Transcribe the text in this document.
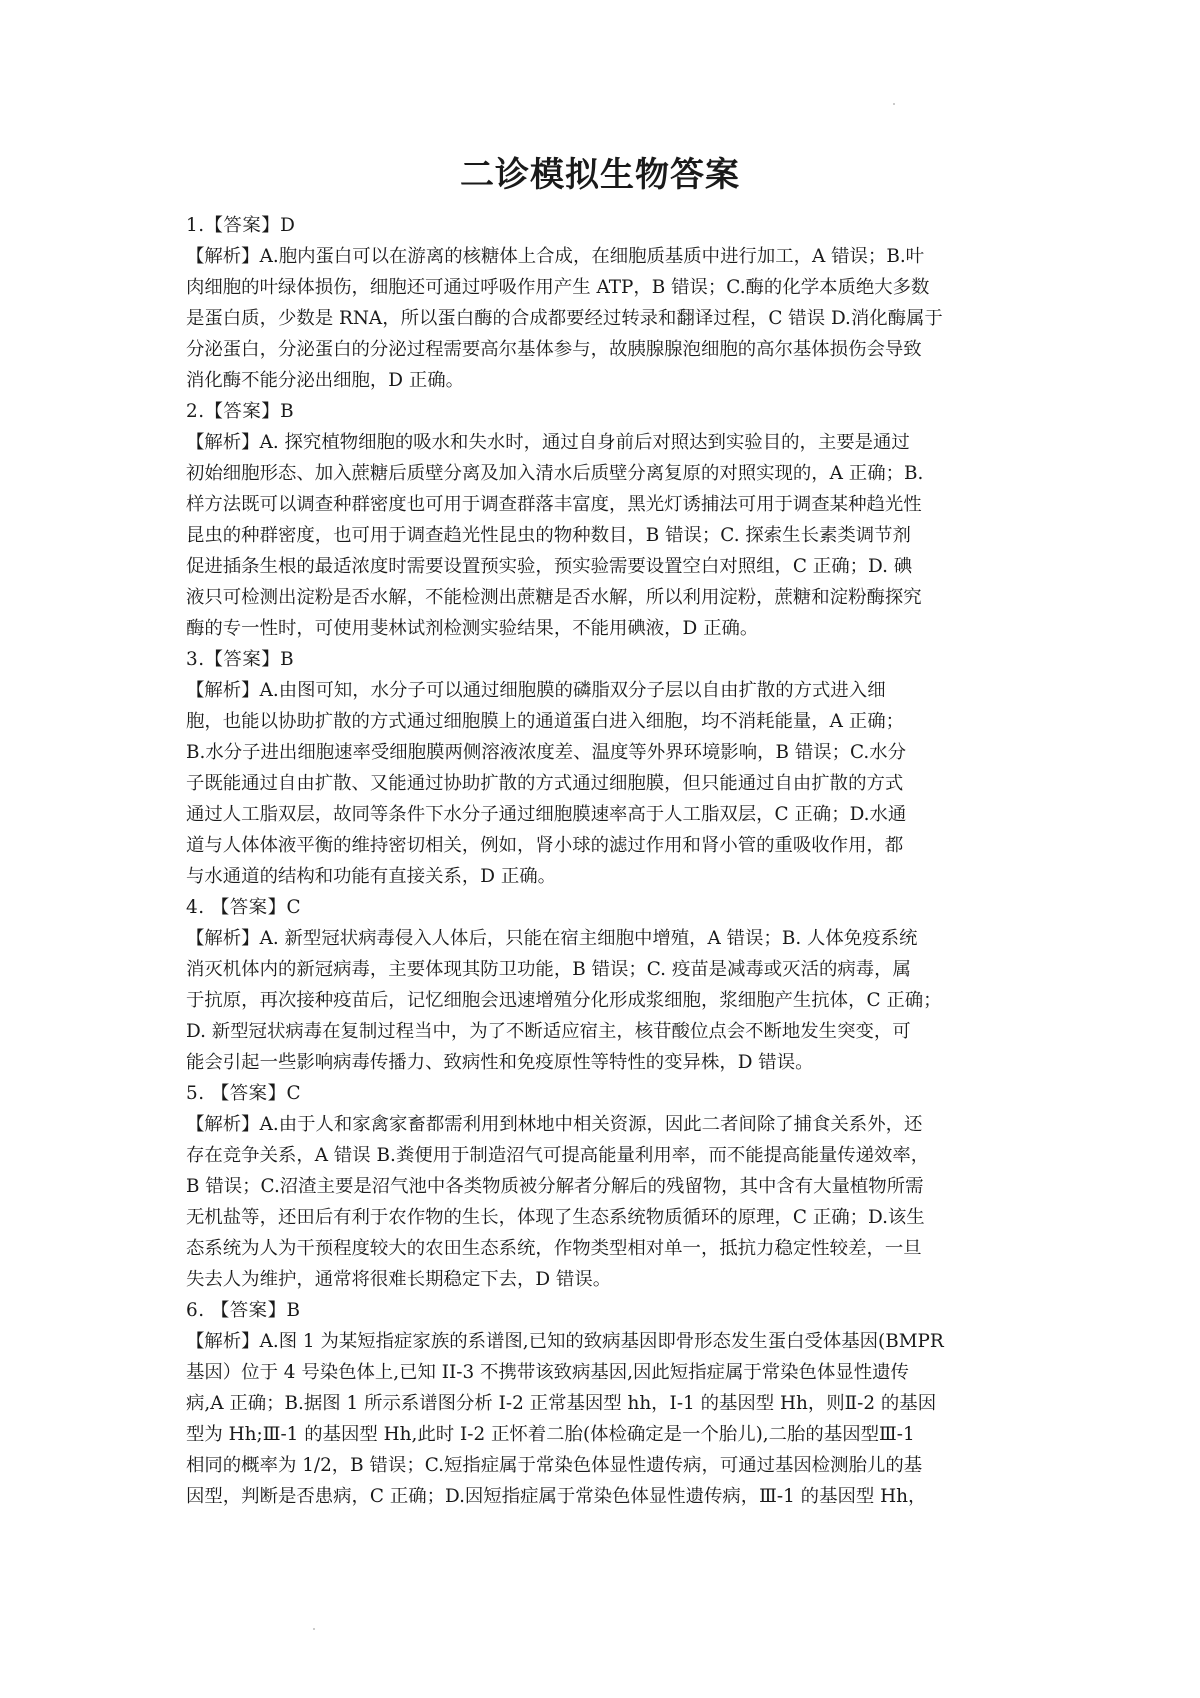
二诊模拟生物答案
1.【答案】D
【解析】A.胞内蛋白可以在游离的核糖体上合成，在细胞质基质中进行加工，A 错误；B.叶
肉细胞的叶绿体损伤，细胞还可通过呼吸作用产生 ATP，B 错误；C.酶的化学本质绝大多数
是蛋白质，少数是 RNA，所以蛋白酶的合成都要经过转录和翻译过程，C 错误 D.消化酶属于
分泌蛋白，分泌蛋白的分泌过程需要高尔基体参与，故胰腺腺泡细胞的高尔基体损伤会导致
消化酶不能分泌出细胞，D 正确。
2.【答案】B
【解析】A. 探究植物细胞的吸水和失水时，通过自身前后对照达到实验目的，主要是通过
初始细胞形态、加入蔗糖后质壁分离及加入清水后质壁分离复原的对照实现的，A 正确；B.
样方法既可以调查种群密度也可用于调查群落丰富度，黑光灯诱捕法可用于调查某种趋光性
昆虫的种群密度，也可用于调查趋光性昆虫的物种数目，B 错误；C. 探索生长素类调节剂
促进插条生根的最适浓度时需要设置预实验，预实验需要设置空白对照组，C 正确；D. 碘
液只可检测出淀粉是否水解，不能检测出蔗糖是否水解，所以利用淀粉，蔗糖和淀粉酶探究
酶的专一性时，可使用斐林试剂检测实验结果，不能用碘液，D 正确。
3.【答案】B
【解析】A.由图可知，水分子可以通过细胞膜的磷脂双分子层以自由扩散的方式进入细
胞，也能以协助扩散的方式通过细胞膜上的通道蛋白进入细胞，均不消耗能量，A 正确；
B.水分子进出细胞速率受细胞膜两侧溶液浓度差、温度等外界环境影响，B 错误；C.水分
子既能通过自由扩散、又能通过协助扩散的方式通过细胞膜，但只能通过自由扩散的方式
通过人工脂双层，故同等条件下水分子通过细胞膜速率高于人工脂双层，C 正确；D.水通
道与人体体液平衡的维持密切相关，例如，肾小球的滤过作用和肾小管的重吸收作用，都
与水通道的结构和功能有直接关系，D 正确。
4. 【答案】C
【解析】A. 新型冠状病毒侵入人体后，只能在宿主细胞中增殖，A 错误；B. 人体免疫系统
消灭机体内的新冠病毒，主要体现其防卫功能，B 错误；C. 疫苗是减毒或灭活的病毒，属
于抗原，再次接种疫苗后，记忆细胞会迅速增殖分化形成浆细胞，浆细胞产生抗体，C 正确；
D. 新型冠状病毒在复制过程当中，为了不断适应宿主，核苷酸位点会不断地发生突变，可
能会引起一些影响病毒传播力、致病性和免疫原性等特性的变异株，D 错误。
5. 【答案】C
【解析】A.由于人和家禽家畜都需利用到林地中相关资源，因此二者间除了捕食关系外，还
存在竞争关系，A 错误 B.粪便用于制造沼气可提高能量利用率，而不能提高能量传递效率，
B 错误；C.沼渣主要是沼气池中各类物质被分解者分解后的残留物，其中含有大量植物所需
无机盐等，还田后有利于农作物的生长，体现了生态系统物质循环的原理，C 正确；D.该生
态系统为人为干预程度较大的农田生态系统，作物类型相对单一，抵抗力稳定性较差，一旦
失去人为维护，通常将很难长期稳定下去，D 错误。
6. 【答案】B
【解析】A.图 1 为某短指症家族的系谱图,已知的致病基因即骨形态发生蛋白受体基因(BMPR
基因）位于 4 号染色体上,已知 II-3 不携带该致病基因,因此短指症属于常染色体显性遗传
病,A 正确；B.据图 1 所示系谱图分析 I-2 正常基因型 hh，I-1 的基因型 Hh，则Ⅱ-2 的基因
型为 Hh;Ⅲ-1 的基因型 Hh,此时 I-2 正怀着二胎(体检确定是一个胎儿),二胎的基因型Ⅲ-1
相同的概率为 1/2，B 错误；C.短指症属于常染色体显性遗传病，可通过基因检测胎儿的基
因型，判断是否患病，C 正确；D.因短指症属于常染色体显性遗传病，Ⅲ-1 的基因型 Hh，
